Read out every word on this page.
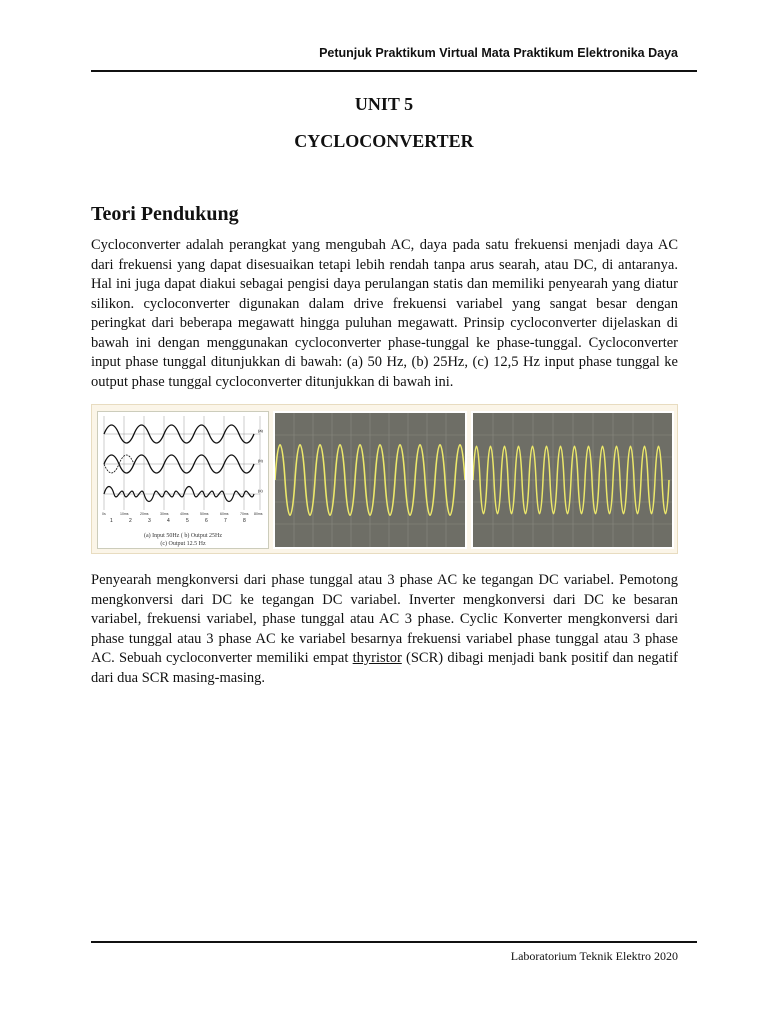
Petunjuk Praktikum Virtual Mata Praktikum Elektronika Daya
UNIT 5
CYCLOCONVERTER
Teori Pendukung
Cycloconverter adalah perangkat yang mengubah AC, daya pada satu frekuensi menjadi daya AC dari frekuensi yang dapat disesuaikan tetapi lebih rendah tanpa arus searah, atau DC, di antaranya. Hal ini juga dapat diakui sebagai pengisi daya perulangan statis dan memiliki penyearah yang diatur silikon. cycloconverter digunakan dalam drive frekuensi variabel yang sangat besar dengan peringkat dari beberapa megawatt hingga puluhan megawatt. Prinsip cycloconverter dijelaskan di bawah ini dengan menggunakan cycloconverter phase-tunggal ke phase-tunggal. Cycloconverter input phase tunggal ditunjukkan di bawah: (a) 50 Hz, (b) 25Hz, (c) 12,5 Hz input phase tunggal ke output phase tunggal cycloconverter ditunjukkan di bawah ini.
(a)
(b)
(c)
0s	10ms	20ms	30ms	40ms	50ms	60ms	70ms 80ms
1	2	3	4	5	6	7	8
(a) Input 50Hz ( b) Output 25Hz
(c) Output 12.5 Hz
Penyearah mengkonversi dari phase tunggal atau 3 phase AC ke tegangan DC variabel. Pemotong mengkonversi dari DC ke tegangan DC variabel. Inverter mengkonversi dari DC ke besaran variabel, frekuensi variabel, phase tunggal atau AC 3 phase. Cyclic Konverter mengkonversi dari phase tunggal atau 3 phase AC ke variabel besarnya frekuensi variabel phase tunggal atau 3 phase AC. Sebuah cycloconverter memiliki empat thyristor (SCR) dibagi menjadi bank positif dan negatif dari dua SCR masing-masing.
Laboratorium Teknik Elektro 2020
